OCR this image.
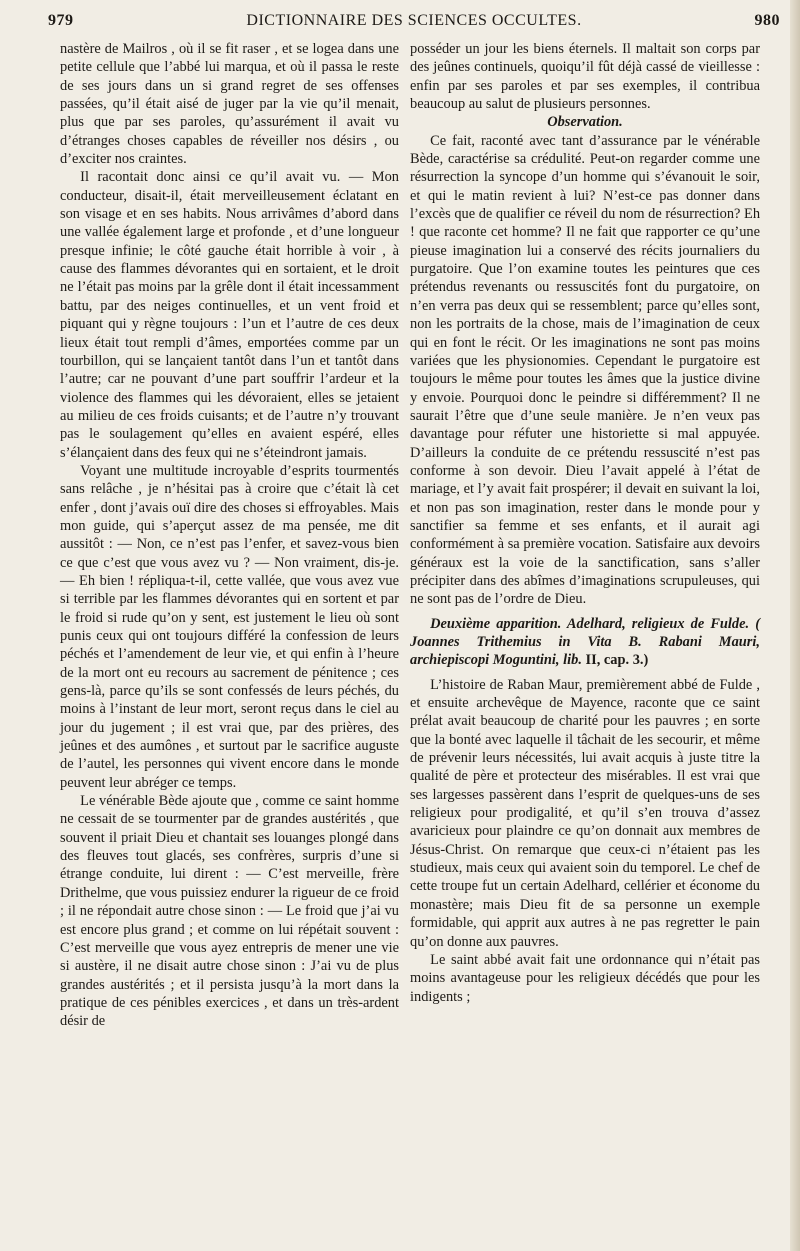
979	DICTIONNAIRE DES SCIENCES OCCULTES.	980

nastère de Mailros , où il se fit raser , et se logea dans une petite cellule que l’abbé lui marqua, et où il passa le reste de ses jours dans un si grand regret de ses offenses passées, qu’il était aisé de juger par la vie qu’il menait, plus que par ses paroles, qu’assurément il avait vu d’étranges choses capables de réveiller nos désirs , ou d’exciter nos craintes.

Il racontait donc ainsi ce qu’il avait vu. — Mon conducteur, disait-il, était merveilleusement éclatant en son visage et en ses habits. Nous arrivâmes d’abord dans une vallée également large et profonde , et d’une longueur presque infinie; le côté gauche était horrible à voir , à cause des flammes dévorantes qui en sortaient, et le droit ne l’était pas moins par la grêle dont il était incessamment battu, par des neiges continuelles, et un vent froid et piquant qui y règne toujours : l’un et l’autre de ces deux lieux était tout rempli d’âmes, emportées comme par un tourbillon, qui se lançaient tantôt dans l’un et tantôt dans l’autre; car ne pouvant d’une part souffrir l’ardeur et la violence des flammes qui les dévoraient, elles se jetaient au milieu de ces froids cuisants; et de l’autre n’y trouvant pas le soulagement qu’elles en avaient espéré, elles s’élançaient dans des feux qui ne s’éteindront jamais.

Voyant une multitude incroyable d’esprits tourmentés sans relâche , je n’hésitai pas à croire que c’était là cet enfer , dont j’avais ouï dire des choses si effroyables. Mais mon guide, qui s’aperçut assez de ma pensée, me dit aussitôt : — Non, ce n’est pas l’enfer, et savez-vous bien ce que c’est que vous avez vu ? — Non vraiment, dis-je. — Eh bien ! répliqua-t-il, cette vallée, que vous avez vue si terrible par les flammes dévorantes qui en sortent et par le froid si rude qu’on y sent, est justement le lieu où sont punis ceux qui ont toujours différé la confession de leurs péchés et l’amendement de leur vie, et qui enfin à l’heure de la mort ont eu recours au sacrement de pénitence ; ces gens-là, parce qu’ils se sont confessés de leurs péchés, du moins à l’instant de leur mort, seront reçus dans le ciel au jour du jugement ; il est vrai que, par des prières, des jeûnes et des aumônes , et surtout par le sacrifice auguste de l’autel, les personnes qui vivent encore dans le monde peuvent leur abréger ce temps.

Le vénérable Bède ajoute que , comme ce saint homme ne cessait de se tourmenter par de grandes austérités , que souvent il priait Dieu et chantait ses louanges plongé dans des fleuves tout glacés, ses confrères, surpris d’une si étrange conduite, lui dirent : — C’est merveille, frère Drithelme, que vous puissiez endurer la rigueur de ce froid ; il ne répondait autre chose sinon : — Le froid que j’ai vu est encore plus grand ; et comme on lui répétait souvent : C’est merveille que vous ayez entrepris de mener une vie si austère, il ne disait autre chose sinon : J’ai vu de plus grandes austérités ; et il persista jusqu’à la mort dans la pratique de ces pénibles exercices , et dans un très-ardent désir de

posséder un jour les biens éternels. Il maltait son corps par des jeûnes continuels, quoiqu’il fût déjà cassé de vieillesse : enfin par ses paroles et par ses exemples, il contribua beaucoup au salut de plusieurs personnes.

Observation.

Ce fait, raconté avec tant d’assurance par le vénérable Bède, caractérise sa crédulité. Peut-on regarder comme une résurrection la syncope d’un homme qui s’évanouit le soir, et qui le matin revient à lui? N’est-ce pas donner dans l’excès que de qualifier ce réveil du nom de résurrection? Eh ! que raconte cet homme? Il ne fait que rapporter ce qu’une pieuse imagination lui a conservé des récits journaliers du purgatoire. Que l’on examine toutes les peintures que ces prétendus revenants ou ressuscités font du purgatoire, on n’en verra pas deux qui se ressemblent; parce qu’elles sont, non les portraits de la chose, mais de l’imagination de ceux qui en font le récit. Or les imaginations ne sont pas moins variées que les physionomies. Cependant le purgatoire est toujours le même pour toutes les âmes que la justice divine y envoie. Pourquoi donc le peindre si différemment? Il ne saurait l’être que d’une seule manière. Je n’en veux pas davantage pour réfuter une historiette si mal appuyée. D’ailleurs la conduite de ce prétendu ressuscité n’est pas conforme à son devoir. Dieu l’avait appelé à l’état de mariage, et l’y avait fait prospérer; il devait en suivant la loi, et non pas son imagination, rester dans le monde pour y sanctifier sa femme et ses enfants, et il aurait agi conformément à sa première vocation. Satisfaire aux devoirs généraux est la voie de la sanctification, sans s’aller précipiter dans des abîmes d’imaginations scrupuleuses, qui ne sont pas de l’ordre de Dieu.

Deuxième apparition. Adelhard, religieux de Fulde. ( Joannes Trithemius in Vita B. Rabani Mauri, archiepiscopi Moguntini, lib. II, cap. 3.)

L’histoire de Raban Maur, premièrement abbé de Fulde , et ensuite archevêque de Mayence, raconte que ce saint prélat avait beaucoup de charité pour les pauvres ; en sorte que la bonté avec laquelle il tâchait de les secourir, et même de prévenir leurs nécessités, lui avait acquis à juste titre la qualité de père et protecteur des misérables. Il est vrai que ses largesses passèrent dans l’esprit de quelques-uns de ses religieux pour prodigalité, et qu’il s’en trouva d’assez avaricieux pour plaindre ce qu’on donnait aux membres de Jésus-Christ. On remarque que ceux-ci n’étaient pas les studieux, mais ceux qui avaient soin du temporel. Le chef de cette troupe fut un certain Adelhard, cellérier et économe du monastère; mais Dieu fit de sa personne un exemple formidable, qui apprit aux autres à ne pas regretter le pain qu’on donne aux pauvres.

Le saint abbé avait fait une ordonnance qui n’était pas moins avantageuse pour les religieux décédés que pour les indigents ;
